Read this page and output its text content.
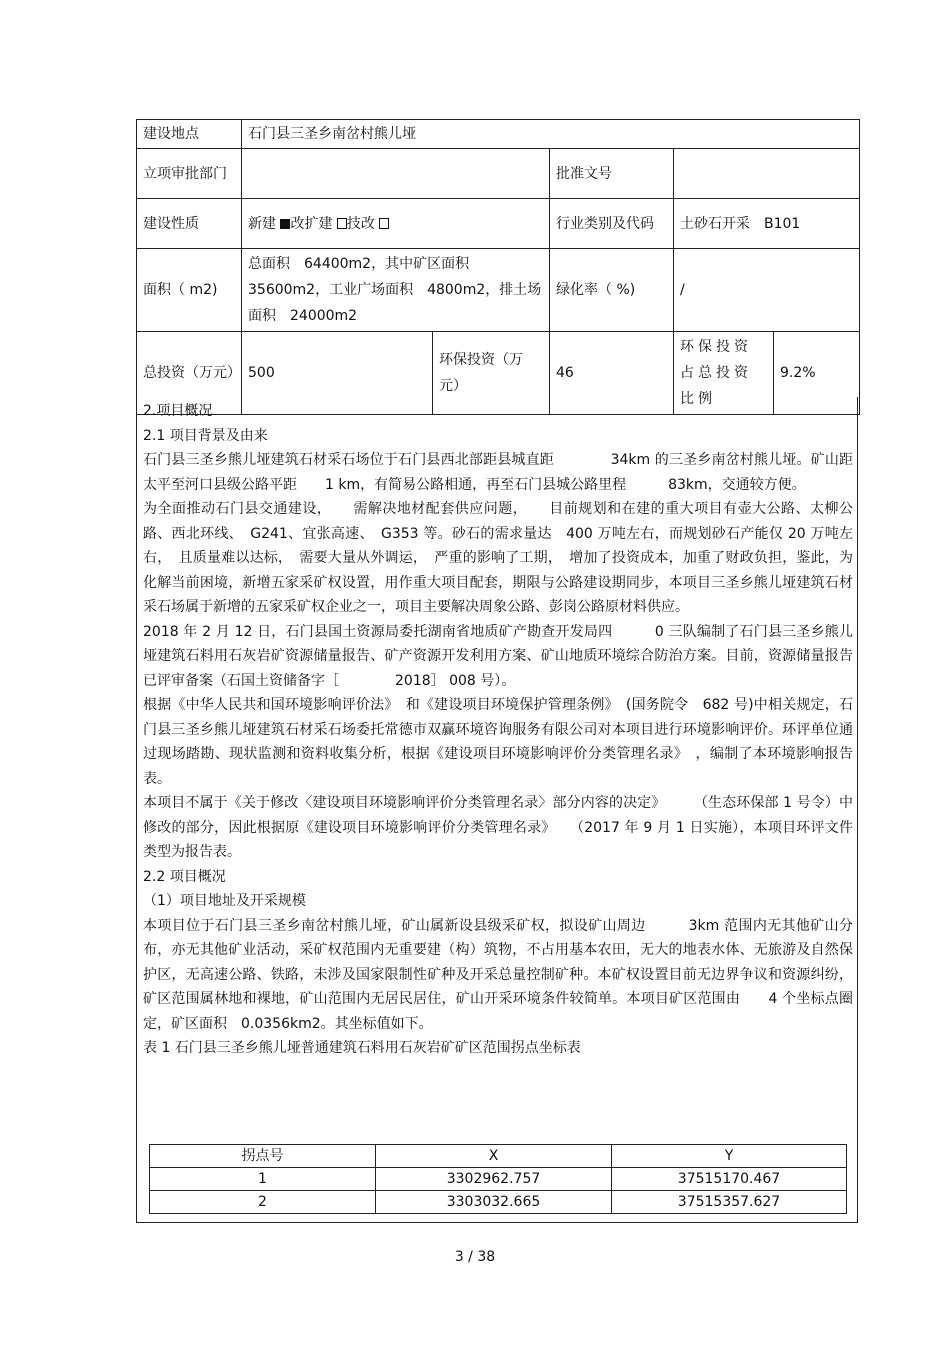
建设地点	石门县三圣乡南岔村熊儿垭				
立项审批部门			批准文号		
建设性质	新建 改扩建 技改		行业类别及代码	土砂石开采　B101	
面积（ m2)	总面积　64400m2，其中矿区面积　35600m2，工业广场面积　4800m2，排土场面积　24000m2		绿化率（ %)	/	
总投资（万元）	500	环保投资（万元）	46	环保投资占总投资比例	9.2%

2.项目概况

2.1 项目背景及由来

石门县三圣乡熊儿垭建筑石材采石场位于石门县西北部距县城直距　　　　34km 的三圣乡南岔村熊儿垭。矿山距太平至河口县级公路平距　　1 km，有简易公路相通，再至石门县城公路里程　　　83km，交通较方便。

为全面推动石门县交通建设，　　需解决地材配套供应问题，　　目前规划和在建的重大项目有壶大公路、太柳公路、西北环线、　G241、宜张高速、　G353 等。砂石的需求量达　400 万吨左右，而规划砂石产能仅 20 万吨左右，　且质量难以达标，　需要大量从外调运，　严重的影响了工期，　增加了投资成本，加重了财政负担，鉴此，为化解当前困境，新增五家采矿权设置，用作重大项目配套，期限与公路建设期同步，本项目三圣乡熊儿垭建筑石材采石场属于新增的五家采矿权企业之一，项目主要解决周象公路、彭岗公路原材料供应。

2018 年 2 月 12 日，石门县国土资源局委托湖南省地质矿产勘查开发局四　　　0 三队编制了石门县三圣乡熊儿垭建筑石料用石灰岩矿资源储量报告、矿产资源开发利用方案、矿山地质环境综合防治方案。目前，资源储量报告已评审备案（石国土资储备字［　　　　2018］ 008 号）。

根据《中华人民共和国环境影响评价法》　和《建设项目环境保护管理条例》　(国务院令　682 号)中相关规定，石门县三圣乡熊儿垭建筑石材采石场委托常德市双赢环境咨询服务有限公司对本项目进行环境影响评价。环评单位通过现场踏勘、现状监测和资料收集分析，根据《建设项目环境影响评价分类管理名录》　，编制了本环境影响报告表。

本项目不属于《关于修改〈建设项目环境影响评价分类管理名录〉部分内容的决定》　　　（生态环保部 1 号令）中修改的部分，因此根据原《建设项目环境影响评价分类管理名录》　　（2017 年 9 月 1 日实施），本项目环评文件类型为报告表。

2.2 项目概况

（1）项目地址及开采规模

本项目位于石门县三圣乡南岔村熊儿垭，矿山属新设县级采矿权，拟设矿山周边　　　3km 范围内无其他矿山分布，亦无其他矿业活动，采矿权范围内无重要建（构）筑物，不占用基本农田，无大的地表水体、无旅游及自然保护区，无高速公路、铁路，未涉及国家限制性矿种及开采总量控制矿种。本矿权设置目前无边界争议和资源纠纷，矿区范围属林地和裸地，矿山范围内无居民居住，矿山开采环境条件较简单。本项目矿区范围由　　4 个坐标点圈定，矿区面积　0.0356km2。其坐标值如下。

表 1 石门县三圣乡熊儿垭普通建筑石料用石灰岩矿矿区范围拐点坐标表

拐点号	X	Y
1	3302962.757	37515170.467
2	3303032.665	37515357.627
3 / 38
